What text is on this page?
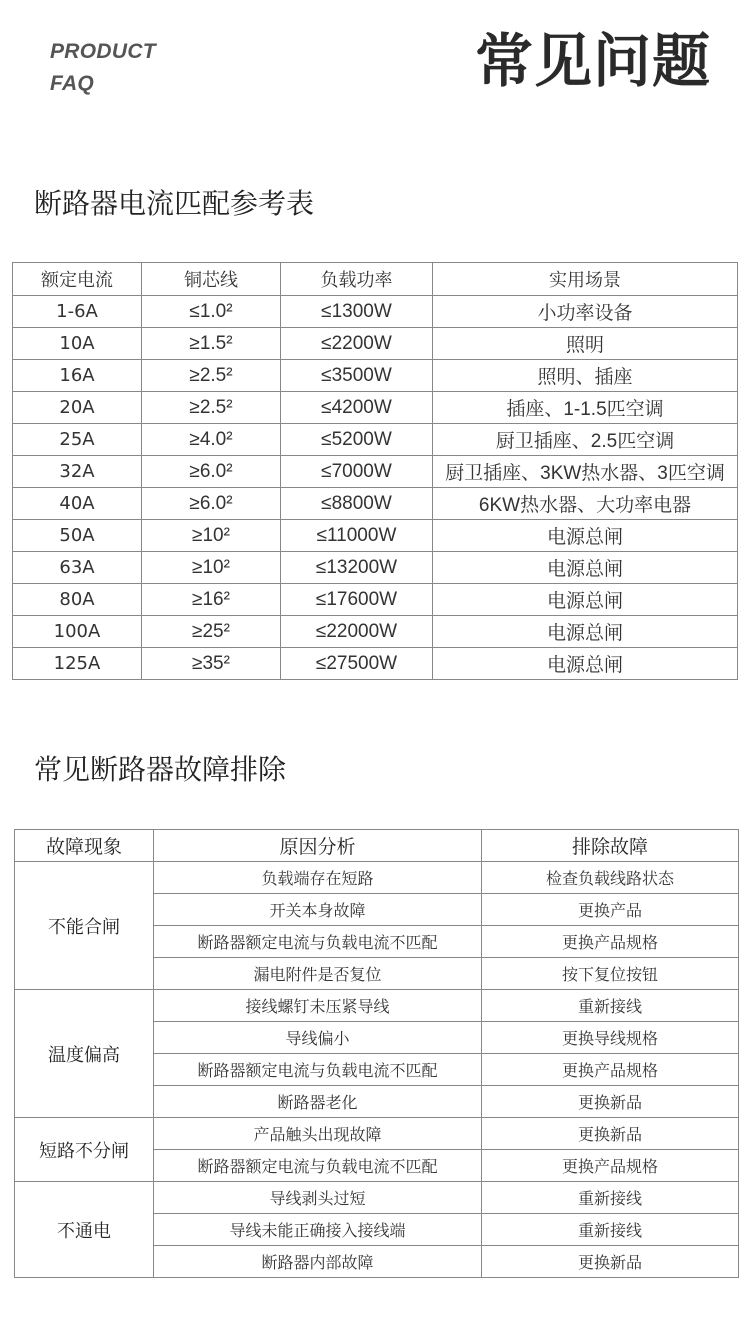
PRODUCT
FAQ	常见问题
断路器电流匹配参考表
额定电流	铜芯线	负载功率	实用场景
1-6A	≤1.0²	≤1300W	小功率设备
10A	≥1.5²	≤2200W	照明
16A	≥2.5²	≤3500W	照明、插座
20A	≥2.5²	≤4200W	插座、1-1.5匹空调
25A	≥4.0²	≤5200W	厨卫插座、2.5匹空调
32A	≥6.0²	≤7000W	厨卫插座、3KW热水器、3匹空调
40A	≥6.0²	≤8800W	6KW热水器、大功率电器
50A	≥10²	≤11000W	电源总闸
63A	≥10²	≤13200W	电源总闸
80A	≥16²	≤17600W	电源总闸
100A	≥25²	≤22000W	电源总闸
125A	≥35²	≤27500W	电源总闸
常见断路器故障排除
故障现象	原因分析	排除故障
不能合闸	负载端存在短路	检查负载线路状态
	开关本身故障	更换产品
	断路器额定电流与负载电流不匹配	更换产品规格
	漏电附件是否复位	按下复位按钮
温度偏高	接线螺钉未压紧导线	重新接线
	导线偏小	更换导线规格
	断路器额定电流与负载电流不匹配	更换产品规格
	断路器老化	更换新品
短路不分闸	产品触头出现故障	更换新品
	断路器额定电流与负载电流不匹配	更换产品规格
不通电	导线剥头过短	重新接线
	导线未能正确接入接线端	重新接线
	断路器内部故障	更换新品
